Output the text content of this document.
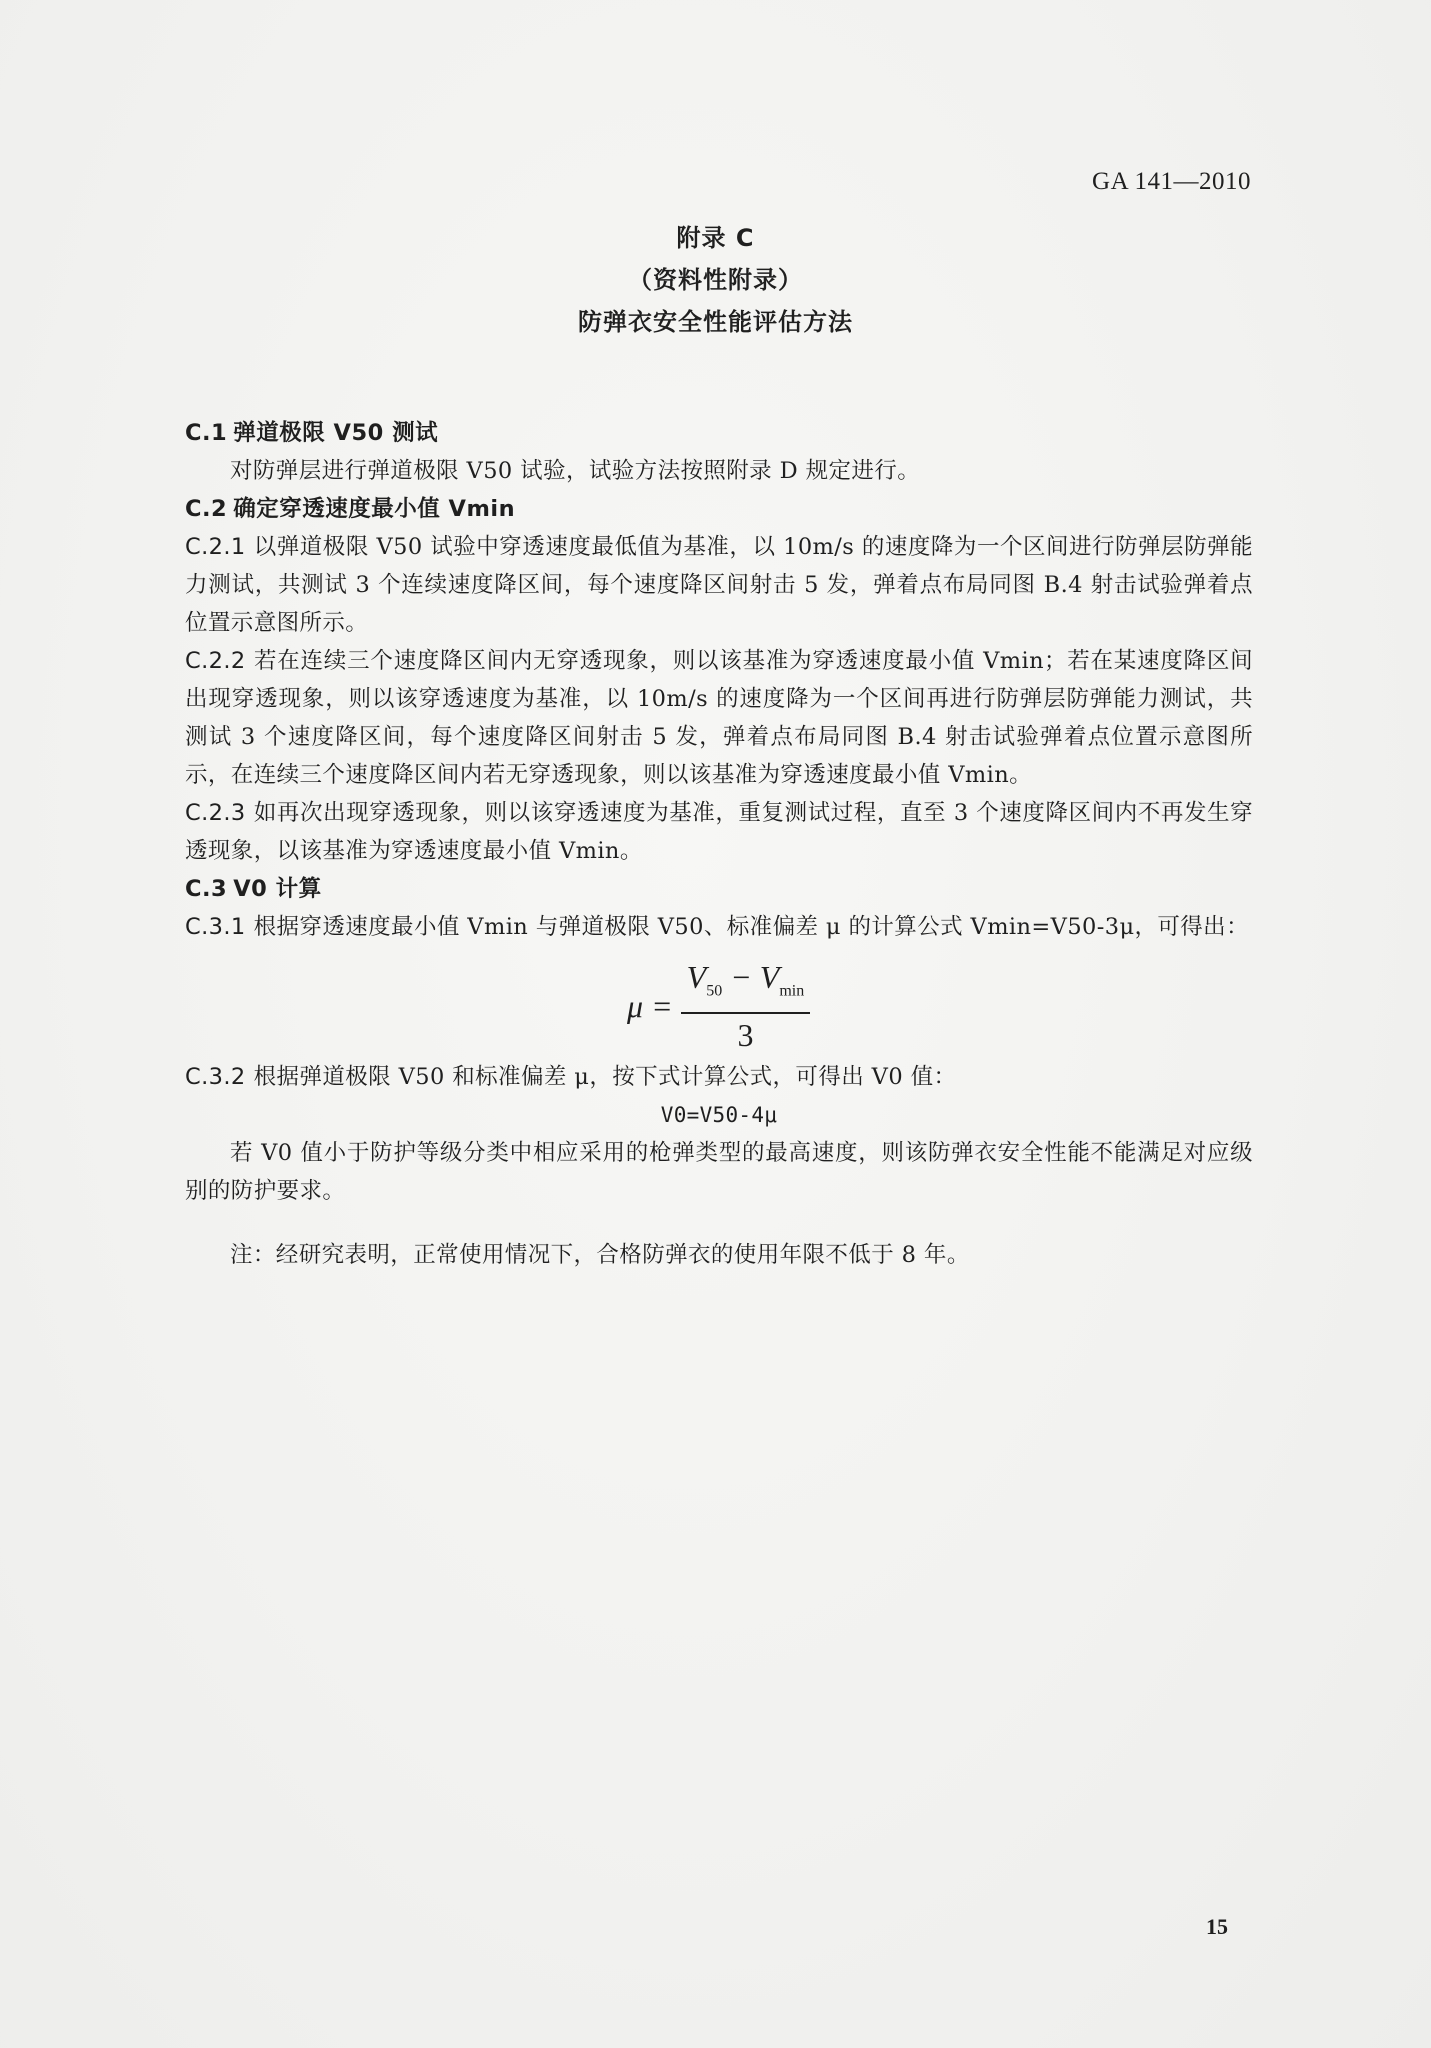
GA 141—2010
附录 C
（资料性附录）
防弹衣安全性能评估方法
C.1 弹道极限 V50 测试
对防弹层进行弹道极限 V50 试验，试验方法按照附录 D 规定进行。
C.2 确定穿透速度最小值 Vmin
C.2.1 以弹道极限 V50 试验中穿透速度最低值为基准，以 10m/s 的速度降为一个区间进行防弹层防弹能力测试，共测试 3 个连续速度降区间，每个速度降区间射击 5 发，弹着点布局同图 B.4 射击试验弹着点位置示意图所示。
C.2.2 若在连续三个速度降区间内无穿透现象，则以该基准为穿透速度最小值 Vmin；若在某速度降区间出现穿透现象，则以该穿透速度为基准，以 10m/s 的速度降为一个区间再进行防弹层防弹能力测试，共测试 3 个速度降区间，每个速度降区间射击 5 发，弹着点布局同图 B.4 射击试验弹着点位置示意图所示，在连续三个速度降区间内若无穿透现象，则以该基准为穿透速度最小值 Vmin。
C.2.3 如再次出现穿透现象，则以该穿透速度为基准，重复测试过程，直至 3 个速度降区间内不再发生穿透现象，以该基准为穿透速度最小值 Vmin。
C.3 V0 计算
C.3.1 根据穿透速度最小值 Vmin 与弹道极限 V50、标准偏差 μ 的计算公式 Vmin=V50-3μ，可得出：
$\mu = \frac{V_{50} - V_{min}}{3}$
C.3.2 根据弹道极限 V50 和标准偏差 μ，按下式计算公式，可得出 V0 值：
V0=V50-4μ
若 V0 值小于防护等级分类中相应采用的枪弹类型的最高速度，则该防弹衣安全性能不能满足对应级别的防护要求。
注：经研究表明，正常使用情况下，合格防弹衣的使用年限不低于 8 年。
15
